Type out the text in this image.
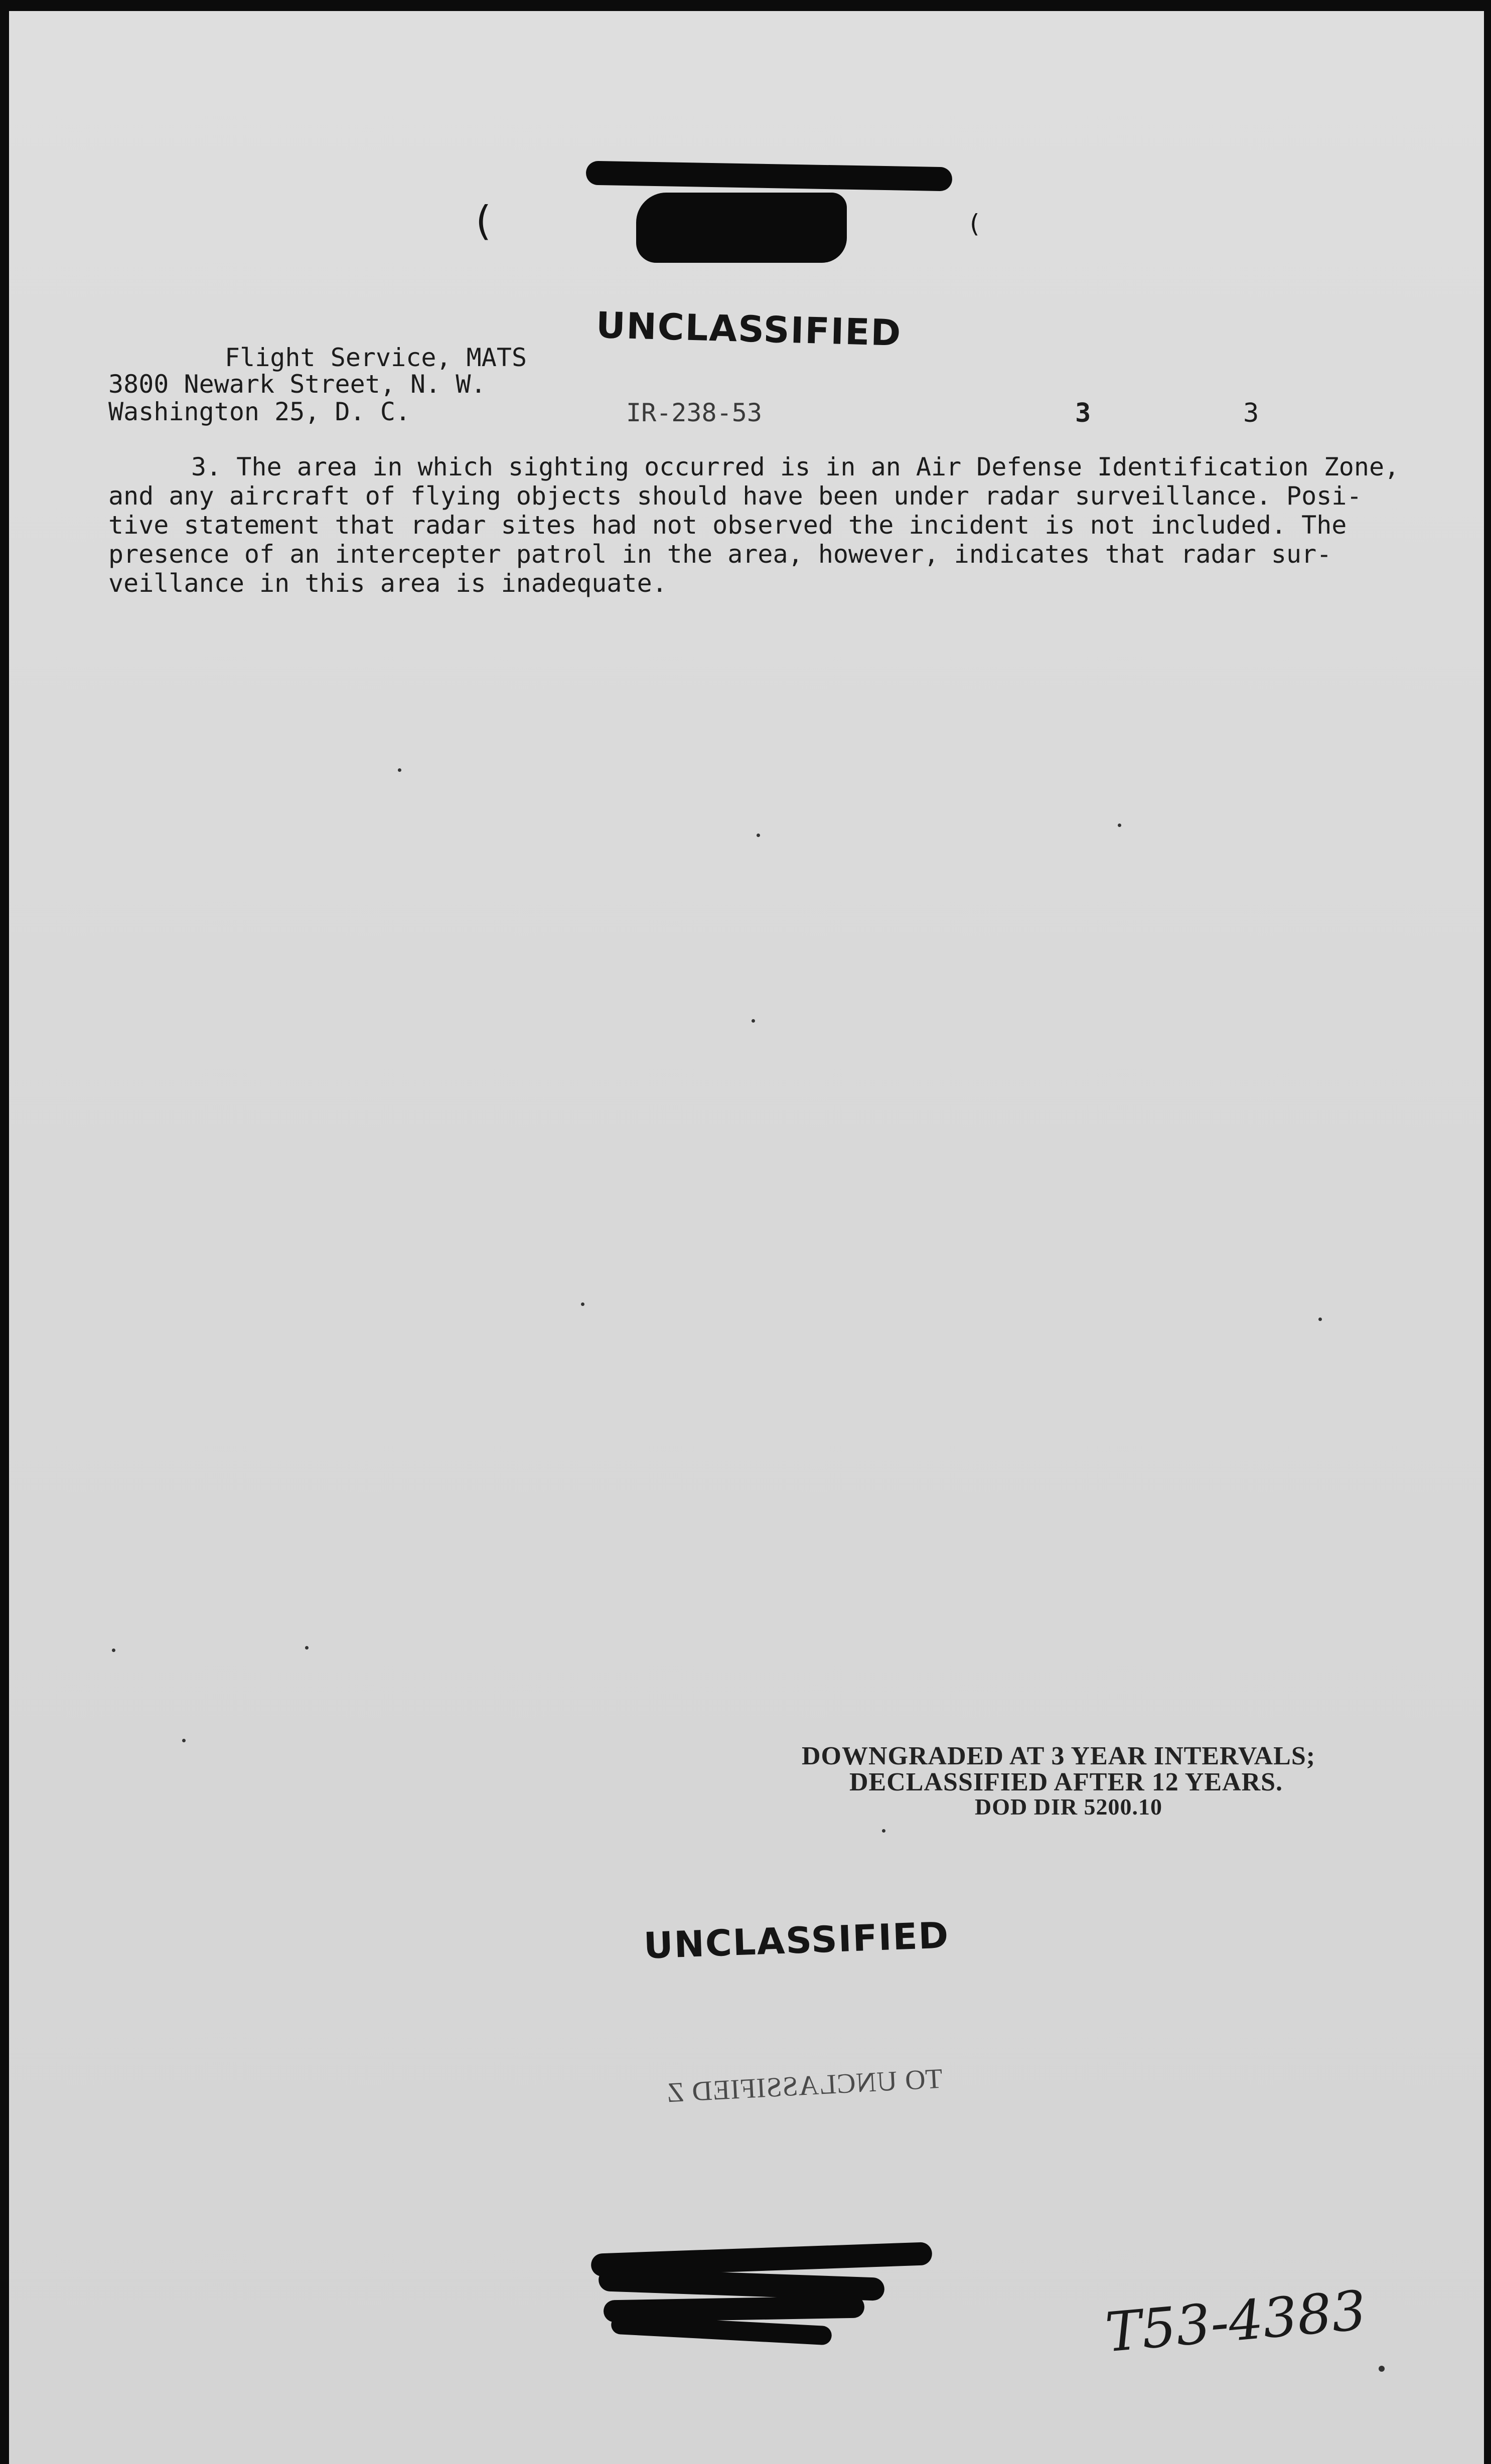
(	(
UNCLASSIFIED
Flight Service, MATS
3800 Newark Street, N. W.
Washington 25, D. C.	IR-238-53	3	3
3. The area in which sighting occurred is in an Air Defense Identification Zone,
and any aircraft of flying objects should have been under radar surveillance. Posi-
tive statement that radar sites had not observed the incident is not included. The
presence of an intercepter patrol in the area, however, indicates that radar sur-
veillance in this area is inadequate.
DOWNGRADED AT 3 YEAR INTERVALS;
DECLASSIFIED AFTER 12 YEARS.
DOD DIR 5200.10
UNCLASSIFIED
TO UNCLASSIFIED Z
T53-4383
